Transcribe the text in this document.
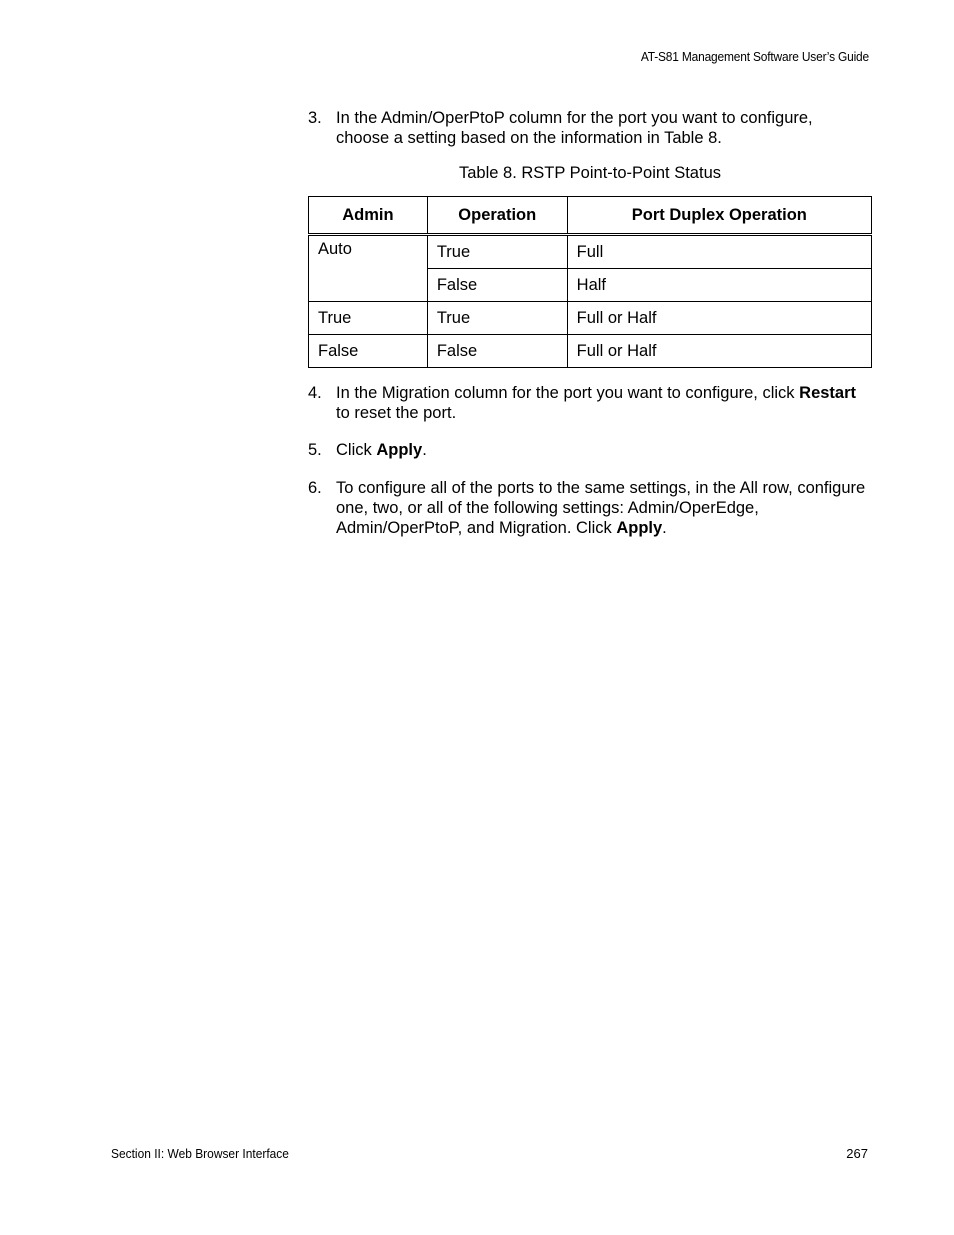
AT-S81 Management Software User’s Guide
3. In the Admin/OperPtoP column for the port you want to configure, choose a setting based on the information in Table 8.
Table 8. RSTP Point-to-Point Status
Admin	Operation	Port Duplex Operation
Auto	True	Full
	False	Half
True	True	Full or Half
False	False	Full or Half
4. In the Migration column for the port you want to configure, click Restart to reset the port.
5. Click Apply.
6. To configure all of the ports to the same settings, in the All row, configure one, two, or all of the following settings: Admin/OperEdge, Admin/OperPtoP, and Migration. Click Apply.
Section II: Web Browser Interface	267
